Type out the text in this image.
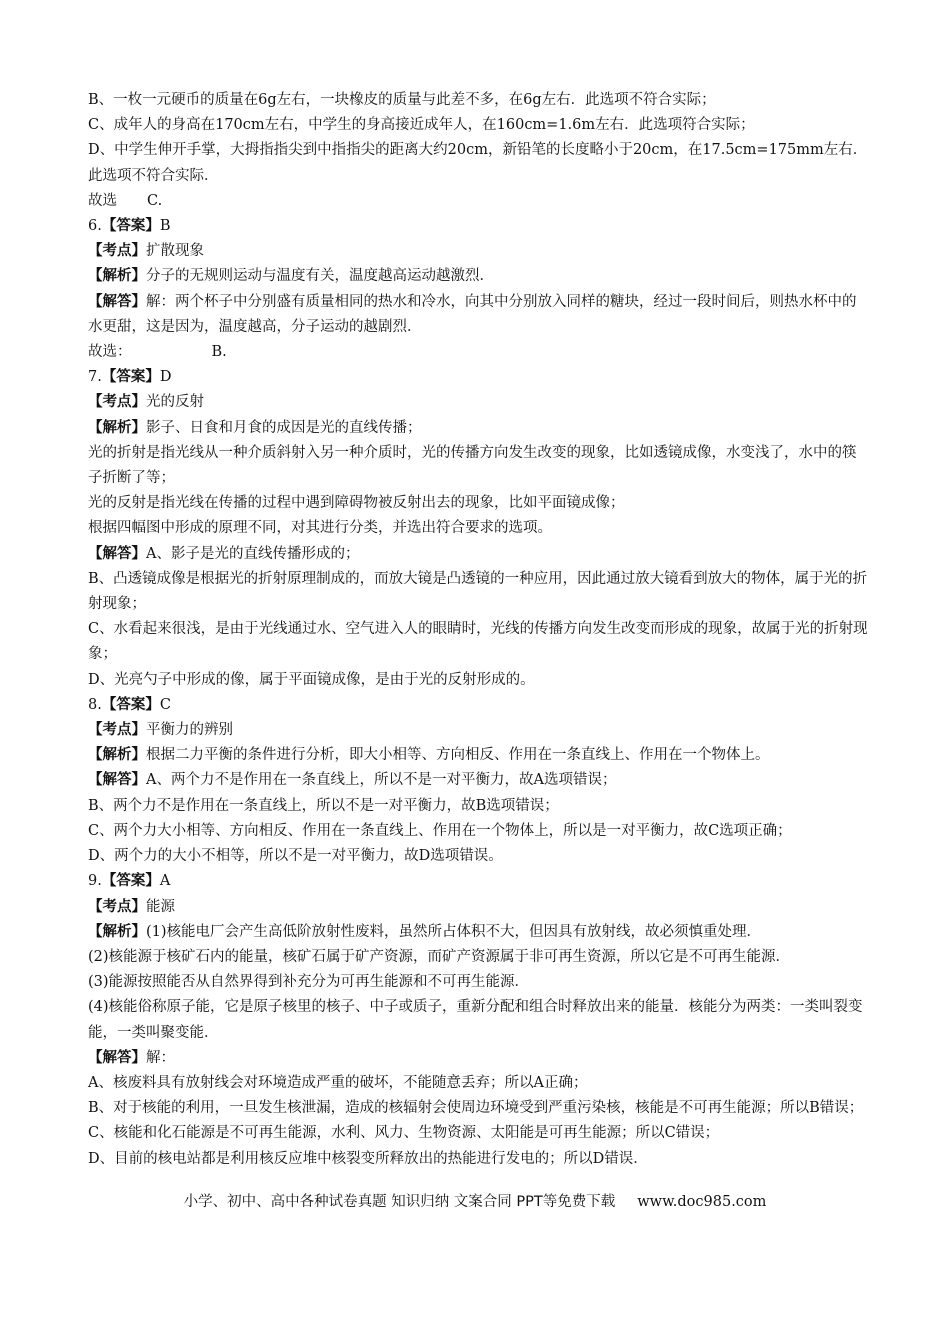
B、一枚一元硬币的质量在6g左右，一块橡皮的质量与此差不多，在6g左右．此选项不符合实际；
C、成年人的身高在170cm左右，中学生的身高接近成年人，在160cm=1.6m左右．此选项符合实际；
D、中学生伸开手掌，大拇指指尖到中指指尖的距离大约20cm，新铅笔的长度略小于20cm，在17.5cm=175mm左右．此选项不符合实际．
故选 C.
6.【答案】B
【考点】扩散现象
【解析】分子的无规则运动与温度有关，温度越高运动越激烈．
【解答】解：两个杯子中分别盛有质量相同的热水和冷水，向其中分别放入同样的糖块，经过一段时间后，则热水杯中的水更甜，这是因为，温度越高，分子运动的越剧烈．
故选：	B.
7.【答案】D
【考点】光的反射
【解析】影子、日食和月食的成因是光的直线传播；
光的折射是指光线从一种介质斜射入另一种介质时，光的传播方向发生改变的现象，比如透镜成像，水变浅了，水中的筷子折断了等；
光的反射是指光线在传播的过程中遇到障碍物被反射出去的现象，比如平面镜成像；
根据四幅图中形成的原理不同，对其进行分类，并选出符合要求的选项。
【解答】A、影子是光的直线传播形成的；
B、凸透镜成像是根据光的折射原理制成的，而放大镜是凸透镜的一种应用，因此通过放大镜看到放大的物体，属于光的折射现象；
C、水看起来很浅，是由于光线通过水、空气进入人的眼睛时，光线的传播方向发生改变而形成的现象，故属于光的折射现象；
D、光亮勺子中形成的像，属于平面镜成像，是由于光的反射形成的。
8.【答案】C
【考点】平衡力的辨别
【解析】根据二力平衡的条件进行分析，即大小相等、方向相反、作用在一条直线上、作用在一个物体上。
【解答】A、两个力不是作用在一条直线上，所以不是一对平衡力，故A选项错误；
B、两个力不是作用在一条直线上，所以不是一对平衡力，故B选项错误；
C、两个力大小相等、方向相反、作用在一条直线上、作用在一个物体上，所以是一对平衡力，故C选项正确；
D、两个力的大小不相等，所以不是一对平衡力，故D选项错误。
9.【答案】A
【考点】能源
【解析】(1)核能电厂会产生高低阶放射性废料，虽然所占体积不大，但因具有放射线，故必须慎重处理．
(2)核能源于核矿石内的能量，核矿石属于矿产资源，而矿产资源属于非可再生资源，所以它是不可再生能源．
(3)能源按照能否从自然界得到补充分为可再生能源和不可再生能源．
(4)核能俗称原子能，它是原子核里的核子、中子或质子，重新分配和组合时释放出来的能量．核能分为两类：一类叫裂变能，一类叫聚变能．
【解答】解：
A、核废料具有放射线会对环境造成严重的破坏，不能随意丢弃；所以A正确；
B、对于核能的利用，一旦发生核泄漏，造成的核辐射会使周边环境受到严重污染核，核能是不可再生能源；所以B错误；
C、核能和化石能源是不可再生能源，水利、风力、生物资源、太阳能是可再生能源；所以C错误；
D、目前的核电站都是利用核反应堆中核裂变所释放出的热能进行发电的；所以D错误．
小学、初中、高中各种试卷真题 知识归纳 文案合同 PPT等免费下载 www.doc985.com
